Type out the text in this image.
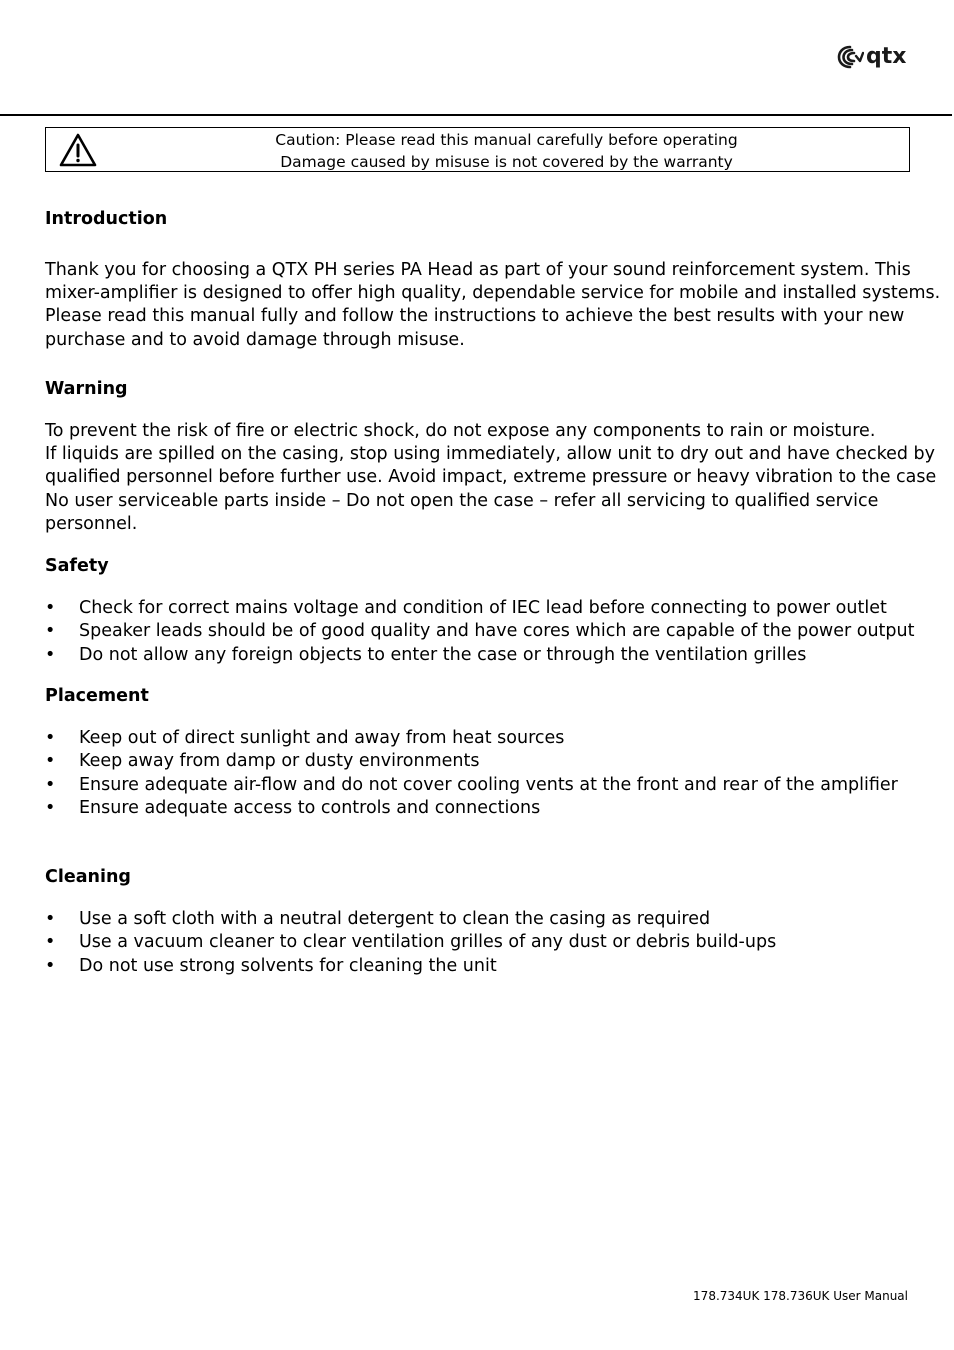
qtx
Caution: Please read this manual carefully before operating
Damage caused by misuse is not covered by the warranty
Introduction
Thank you for choosing a QTX PH series PA Head as part of your sound reinforcement system. This
mixer-amplifier is designed to offer high quality, dependable service for mobile and installed systems.
Please read this manual fully and follow the instructions to achieve the best results with your new
purchase and to avoid damage through misuse.
Warning
To prevent the risk of fire or electric shock, do not expose any components to rain or moisture.
If liquids are spilled on the casing, stop using immediately, allow unit to dry out and have checked by
qualified personnel before further use. Avoid impact, extreme pressure or heavy vibration to the case
No user serviceable parts inside – Do not open the case – refer all servicing to qualified service
personnel.
Safety
• Check for correct mains voltage and condition of IEC lead before connecting to power outlet
• Speaker leads should be of good quality and have cores which are capable of the power output
• Do not allow any foreign objects to enter the case or through the ventilation grilles
Placement
• Keep out of direct sunlight and away from heat sources
• Keep away from damp or dusty environments
• Ensure adequate air-flow and do not cover cooling vents at the front and rear of the amplifier
• Ensure adequate access to controls and connections
Cleaning
• Use a soft cloth with a neutral detergent to clean the casing as required
• Use a vacuum cleaner to clear ventilation grilles of any dust or debris build-ups
• Do not use strong solvents for cleaning the unit
178.734UK 178.736UK User Manual
